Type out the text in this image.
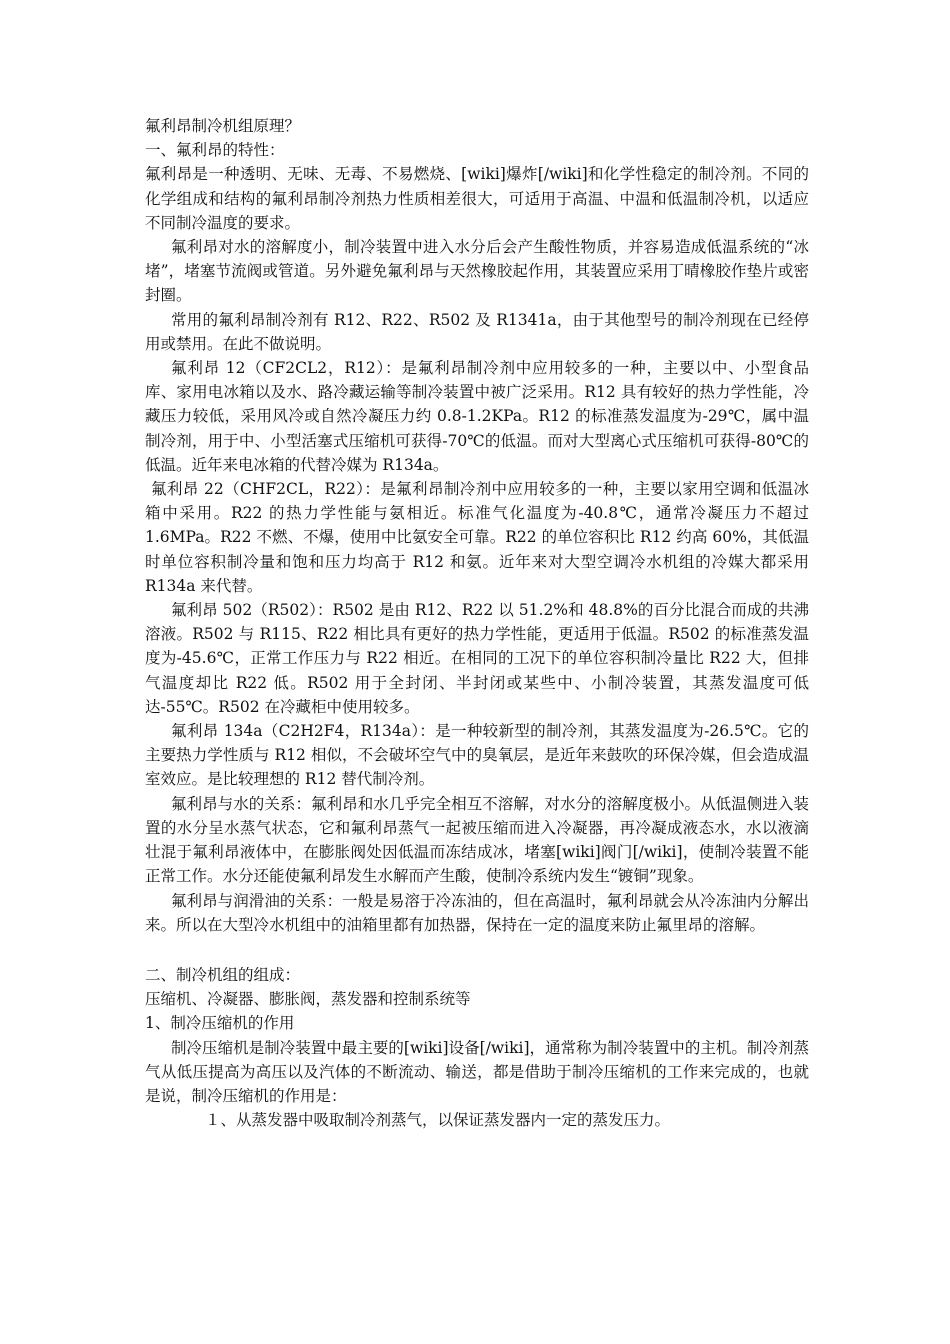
氟利昂制冷机组原理？

一、氟利昂的特性：

氟利昂是一种透明、无味、无毒、不易燃烧、[wiki]爆炸[/wiki]和化学性稳定的制冷剂。不同的化学组成和结构的氟利昂制冷剂热力性质相差很大，可适用于高温、中温和低温制冷机，以适应不同制冷温度的要求。

氟利昂对水的溶解度小，制冷装置中进入水分后会产生酸性物质，并容易造成低温系统的“冰堵”，堵塞节流阀或管道。另外避免氟利昂与天然橡胶起作用，其装置应采用丁晴橡胶作垫片或密封圈。

常用的氟利昂制冷剂有 R12、R22、R502 及 R1341a，由于其他型号的制冷剂现在已经停用或禁用。在此不做说明。

氟利昂 12（CF2CL2，R12）：是氟利昂制冷剂中应用较多的一种，主要以中、小型食品库、家用电冰箱以及水、路冷藏运输等制冷装置中被广泛采用。R12 具有较好的热力学性能，冷藏压力较低，采用风冷或自然冷凝压力约 0.8-1.2KPa。R12 的标准蒸发温度为-29℃，属中温制冷剂，用于中、小型活塞式压缩机可获得-70℃的低温。而对大型离心式压缩机可获得-80℃的低温。近年来电冰箱的代替冷媒为 R134a。

氟利昂 22（CHF2CL，R22）：是氟利昂制冷剂中应用较多的一种，主要以家用空调和低温冰箱中采用。R22 的热力学性能与氨相近。标准气化温度为-40.8℃，通常冷凝压力不超过 1.6MPa。R22 不燃、不爆，使用中比氨安全可靠。R22 的单位容积比 R12 约高 60%，其低温时单位容积制冷量和饱和压力均高于 R12 和氨。近年来对大型空调冷水机组的冷媒大都采用 R134a 来代替。

氟利昂 502（R502）：R502 是由 R12、R22 以 51.2%和 48.8%的百分比混合而成的共沸溶液。R502 与 R115、R22 相比具有更好的热力学性能，更适用于低温。R502 的标准蒸发温度为-45.6℃，正常工作压力与 R22 相近。在相同的工况下的单位容积制冷量比 R22 大，但排气温度却比 R22 低。R502 用于全封闭、半封闭或某些中、小制冷装置，其蒸发温度可低达-55℃。R502 在冷藏柜中使用较多。

氟利昂 134a（C2H2F4，R134a）：是一种较新型的制冷剂，其蒸发温度为-26.5℃。它的主要热力学性质与 R12 相似，不会破坏空气中的臭氧层，是近年来鼓吹的环保冷媒，但会造成温室效应。是比较理想的 R12 替代制冷剂。

氟利昂与水的关系：氟利昂和水几乎完全相互不溶解，对水分的溶解度极小。从低温侧进入装置的水分呈水蒸气状态，它和氟利昂蒸气一起被压缩而进入冷凝器，再冷凝成液态水，水以液滴壮混于氟利昂液体中，在膨胀阀处因低温而冻结成冰，堵塞[wiki]阀门[/wiki]，使制冷装置不能正常工作。水分还能使氟利昂发生水解而产生酸，使制冷系统内发生“镀铜”现象。

氟利昂与润滑油的关系：一般是易溶于冷冻油的，但在高温时，氟利昂就会从冷冻油内分解出来。所以在大型冷水机组中的油箱里都有加热器，保持在一定的温度来防止氟里昂的溶解。

二、制冷机组的组成：

压缩机、冷凝器、膨胀阀，蒸发器和控制系统等

1、制冷压缩机的作用

制冷压缩机是制冷装置中最主要的[wiki]设备[/wiki]，通常称为制冷装置中的主机。制冷剂蒸气从低压提高为高压以及汽体的不断流动、输送，都是借助于制冷压缩机的工作来完成的，也就是说，制冷压缩机的作用是：

１、从蒸发器中吸取制冷剂蒸气，以保证蒸发器内一定的蒸发压力。
